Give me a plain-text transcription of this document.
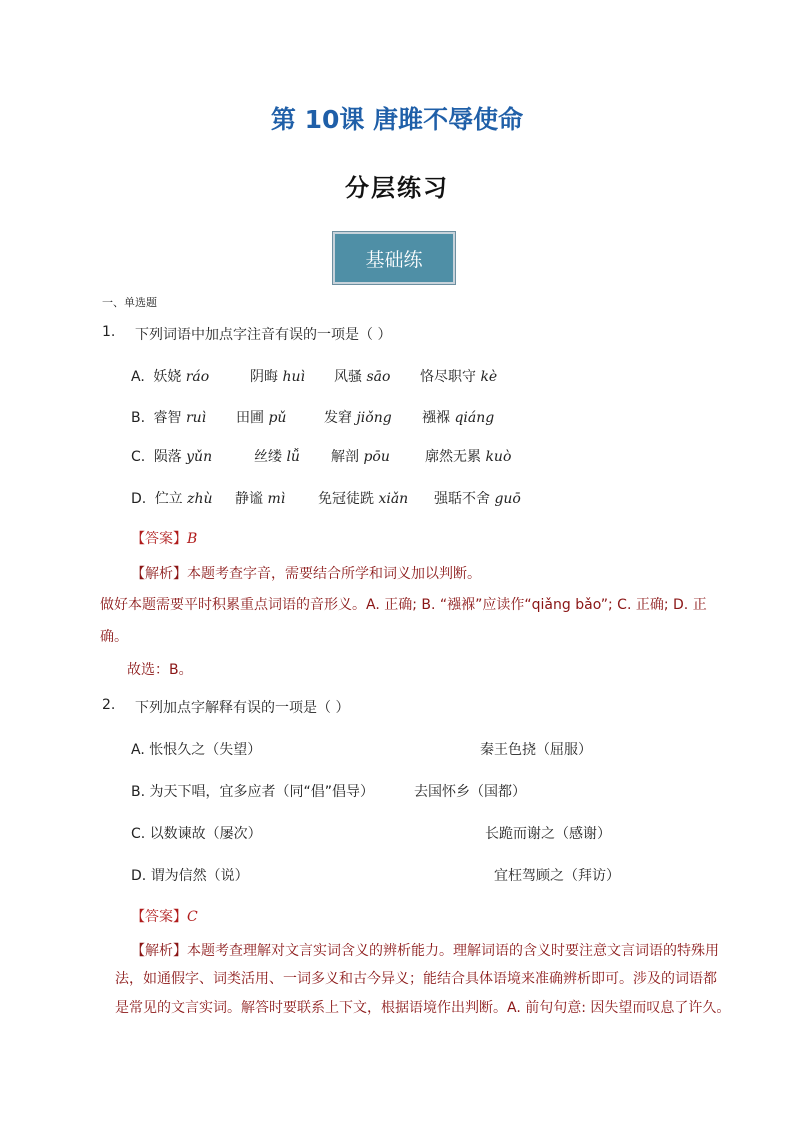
第 10课 唐雎不辱使命
分层练习
基础练
一、单选题
1. 下列词语中加点字注音有误的一项是（ ）
A. 妖娆 ráo	阴晦 huì 风骚 sāo 恪尽职守 kè
B. 睿智 ruì 田圃 pǔ	发窘 jiǒng 襁褓 qiáng
C. 陨落 yǔn	丝缕 lǚ 解剖 pōu	廓然无累 kuò
D. 伫立 zhù 静谧 mì 免冠徒跣 xiǎn 强聒不舍 guō
【答案】B
【解析】本题考查字音，需要结合所学和词义加以判断。
做好本题需要平时积累重点词语的音形义。A. 正确; B. “襁褓”应读作“qiǎng bǎo”; C. 正确; D. 正
确。
故选：B。
2. 下列加点字解释有误的一项是（ ）
A. 怅恨久之（失望）	秦王色挠（屈服）
B. 为天下唱，宜多应者（同“倡”倡导）	去国怀乡（国都）
C. 以数谏故（屡次）	长跪而谢之（感谢）
D. 谓为信然（说）	宜枉驾顾之（拜访）
【答案】C
【解析】本题考查理解对文言实词含义的辨析能力。理解词语的含义时要注意文言词语的特殊用
法，如通假字、词类活用、一词多义和古今异义；能结合具体语境来准确辨析即可。涉及的词语都
是常见的文言实词。解答时要联系上下文，根据语境作出判断。A. 前句句意: 因失望而叹息了许久。
